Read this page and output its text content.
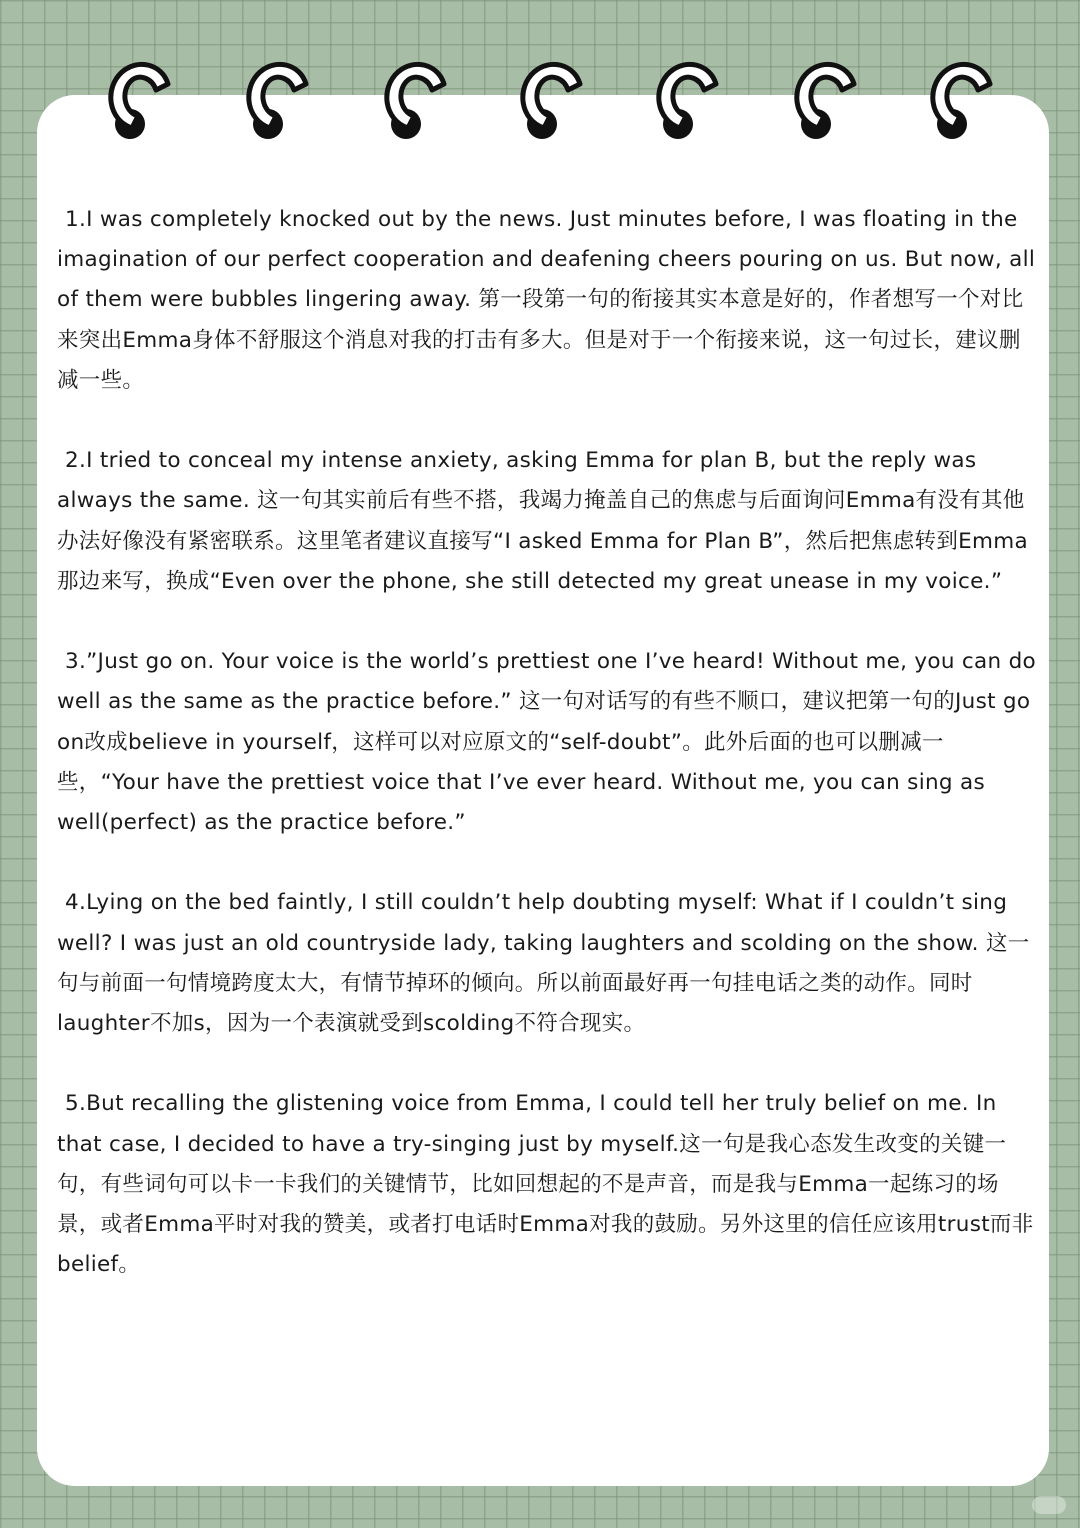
1.I was completely knocked out by the news. Just minutes before, I was floating in the imagination of our perfect cooperation and deafening cheers pouring on us. But now, all of them were bubbles lingering away. 第一段第一句的衔接其实本意是好的，作者想写一个对比来突出Emma身体不舒服这个消息对我的打击有多大。但是对于一个衔接来说，这一句过长，建议删减一些。

2.I tried to conceal my intense anxiety, asking Emma for plan B, but the reply was always the same. 这一句其实前后有些不搭，我竭力掩盖自己的焦虑与后面询问Emma有没有其他办法好像没有紧密联系。这里笔者建议直接写“I asked Emma for Plan B”，然后把焦虑转到Emma那边来写，换成“Even over the phone, she still detected my great unease in my voice.”

3.”Just go on. Your voice is the world’s prettiest one I’ve heard! Without me, you can do well as the same as the practice before.” 这一句对话写的有些不顺口，建议把第一句的Just go on改成believe in yourself，这样可以对应原文的“self-doubt”。此外后面的也可以删减一些，“Your have the prettiest voice that I’ve ever heard. Without me, you can sing as well(perfect) as the practice before.”

4.Lying on the bed faintly, I still couldn’t help doubting myself: What if I couldn’t sing well? I was just an old countryside lady, taking laughters and scolding on the show. 这一句与前面一句情境跨度太大，有情节掉环的倾向。所以前面最好再一句挂电话之类的动作。同时laughter不加s，因为一个表演就受到scolding不符合现实。

5.But recalling the glistening voice from Emma, I could tell her truly belief on me. In that case, I decided to have a try-singing just by myself.这一句是我心态发生改变的关键一句，有些词句可以卡一卡我们的关键情节，比如回想起的不是声音，而是我与Emma一起练习的场景，或者Emma平时对我的赞美，或者打电话时Emma对我的鼓励。另外这里的信任应该用trust而非belief。
